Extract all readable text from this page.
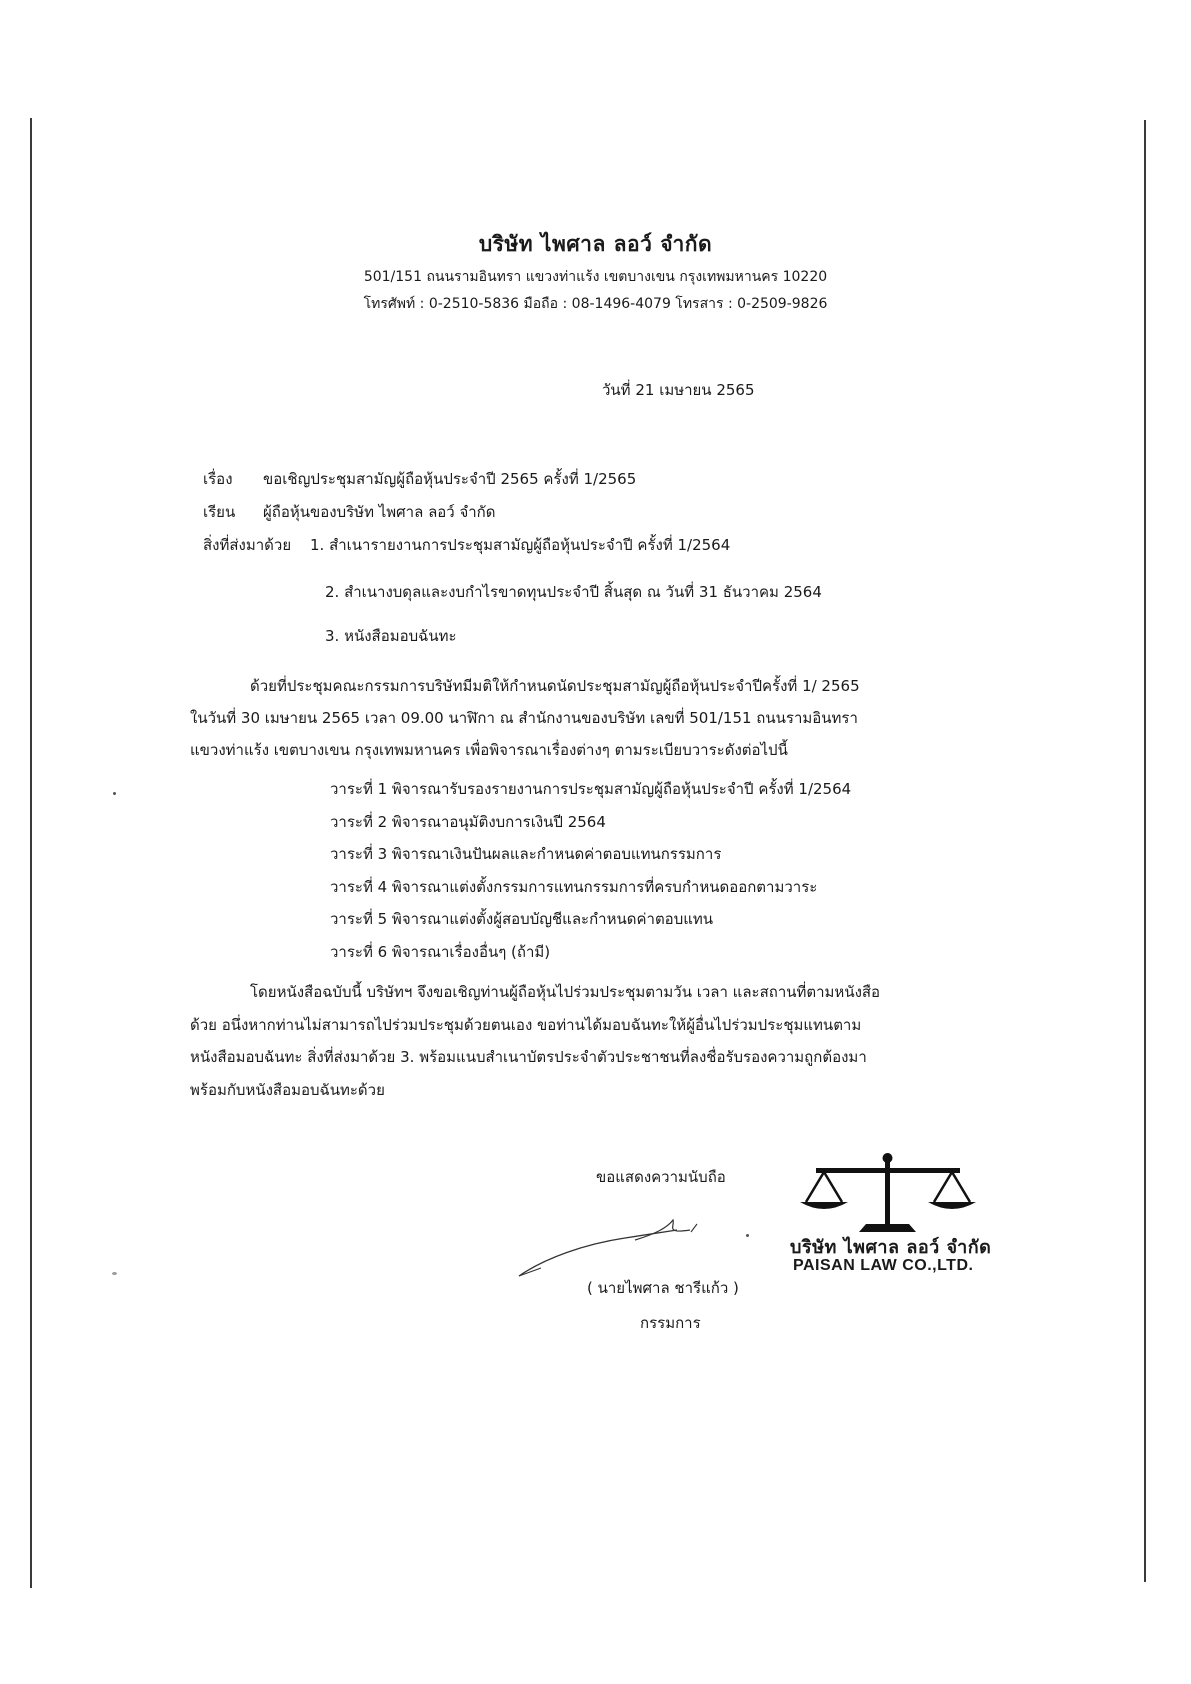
บริษัท ไพศาล ลอว์ จำกัด
501/151 ถนนรามอินทรา แขวงท่าแร้ง เขตบางเขน กรุงเทพมหานคร 10220
โทรศัพท์ : 0-2510-5836 มือถือ : 08-1496-4079 โทรสาร : 0-2509-9826
วันที่ 21 เมษายน 2565
เรื่อง ขอเชิญประชุมสามัญผู้ถือหุ้นประจำปี 2565 ครั้งที่ 1/2565
เรียน ผู้ถือหุ้นของบริษัท ไพศาล ลอว์ จำกัด
สิ่งที่ส่งมาด้วย 1. สำเนารายงานการประชุมสามัญผู้ถือหุ้นประจำปี ครั้งที่ 1/2564
2. สำเนางบดุลและงบกำไรขาดทุนประจำปี สิ้นสุด ณ วันที่ 31 ธันวาคม 2564
3. หนังสือมอบฉันทะ
ด้วยที่ประชุมคณะกรรมการบริษัทมีมติให้กำหนดนัดประชุมสามัญผู้ถือหุ้นประจำปีครั้งที่ 1/ 2565
ในวันที่ 30 เมษายน 2565 เวลา 09.00 นาฬิกา ณ สำนักงานของบริษัท เลขที่ 501/151 ถนนรามอินทรา
แขวงท่าแร้ง เขตบางเขน กรุงเทพมหานคร เพื่อพิจารณาเรื่องต่างๆ ตามระเบียบวาระดังต่อไปนี้
วาระที่ 1 พิจารณารับรองรายงานการประชุมสามัญผู้ถือหุ้นประจำปี ครั้งที่ 1/2564
วาระที่ 2 พิจารณาอนุมัติงบการเงินปี 2564
วาระที่ 3 พิจารณาเงินปันผลและกำหนดค่าตอบแทนกรรมการ
วาระที่ 4 พิจารณาแต่งตั้งกรรมการแทนกรรมการที่ครบกำหนดออกตามวาระ
วาระที่ 5 พิจารณาแต่งตั้งผู้สอบบัญชีและกำหนดค่าตอบแทน
วาระที่ 6 พิจารณาเรื่องอื่นๆ (ถ้ามี)
โดยหนังสือฉบับนี้ บริษัทฯ จึงขอเชิญท่านผู้ถือหุ้นไปร่วมประชุมตามวัน เวลา และสถานที่ตามหนังสือ
ด้วย อนึ่งหากท่านไม่สามารถไปร่วมประชุมด้วยตนเอง ขอท่านได้มอบฉันทะให้ผู้อื่นไปร่วมประชุมแทนตาม
หนังสือมอบฉันทะ สิ่งที่ส่งมาด้วย 3. พร้อมแนบสำเนาบัตรประจำตัวประชาชนที่ลงชื่อรับรองความถูกต้องมา
พร้อมกับหนังสือมอบฉันทะด้วย
ขอแสดงความนับถือ
( นายไพศาล ชารีแก้ว )
กรรมการ
บริษัท ไพศาล ลอว์ จำกัด
PAISAN LAW CO.,LTD.
